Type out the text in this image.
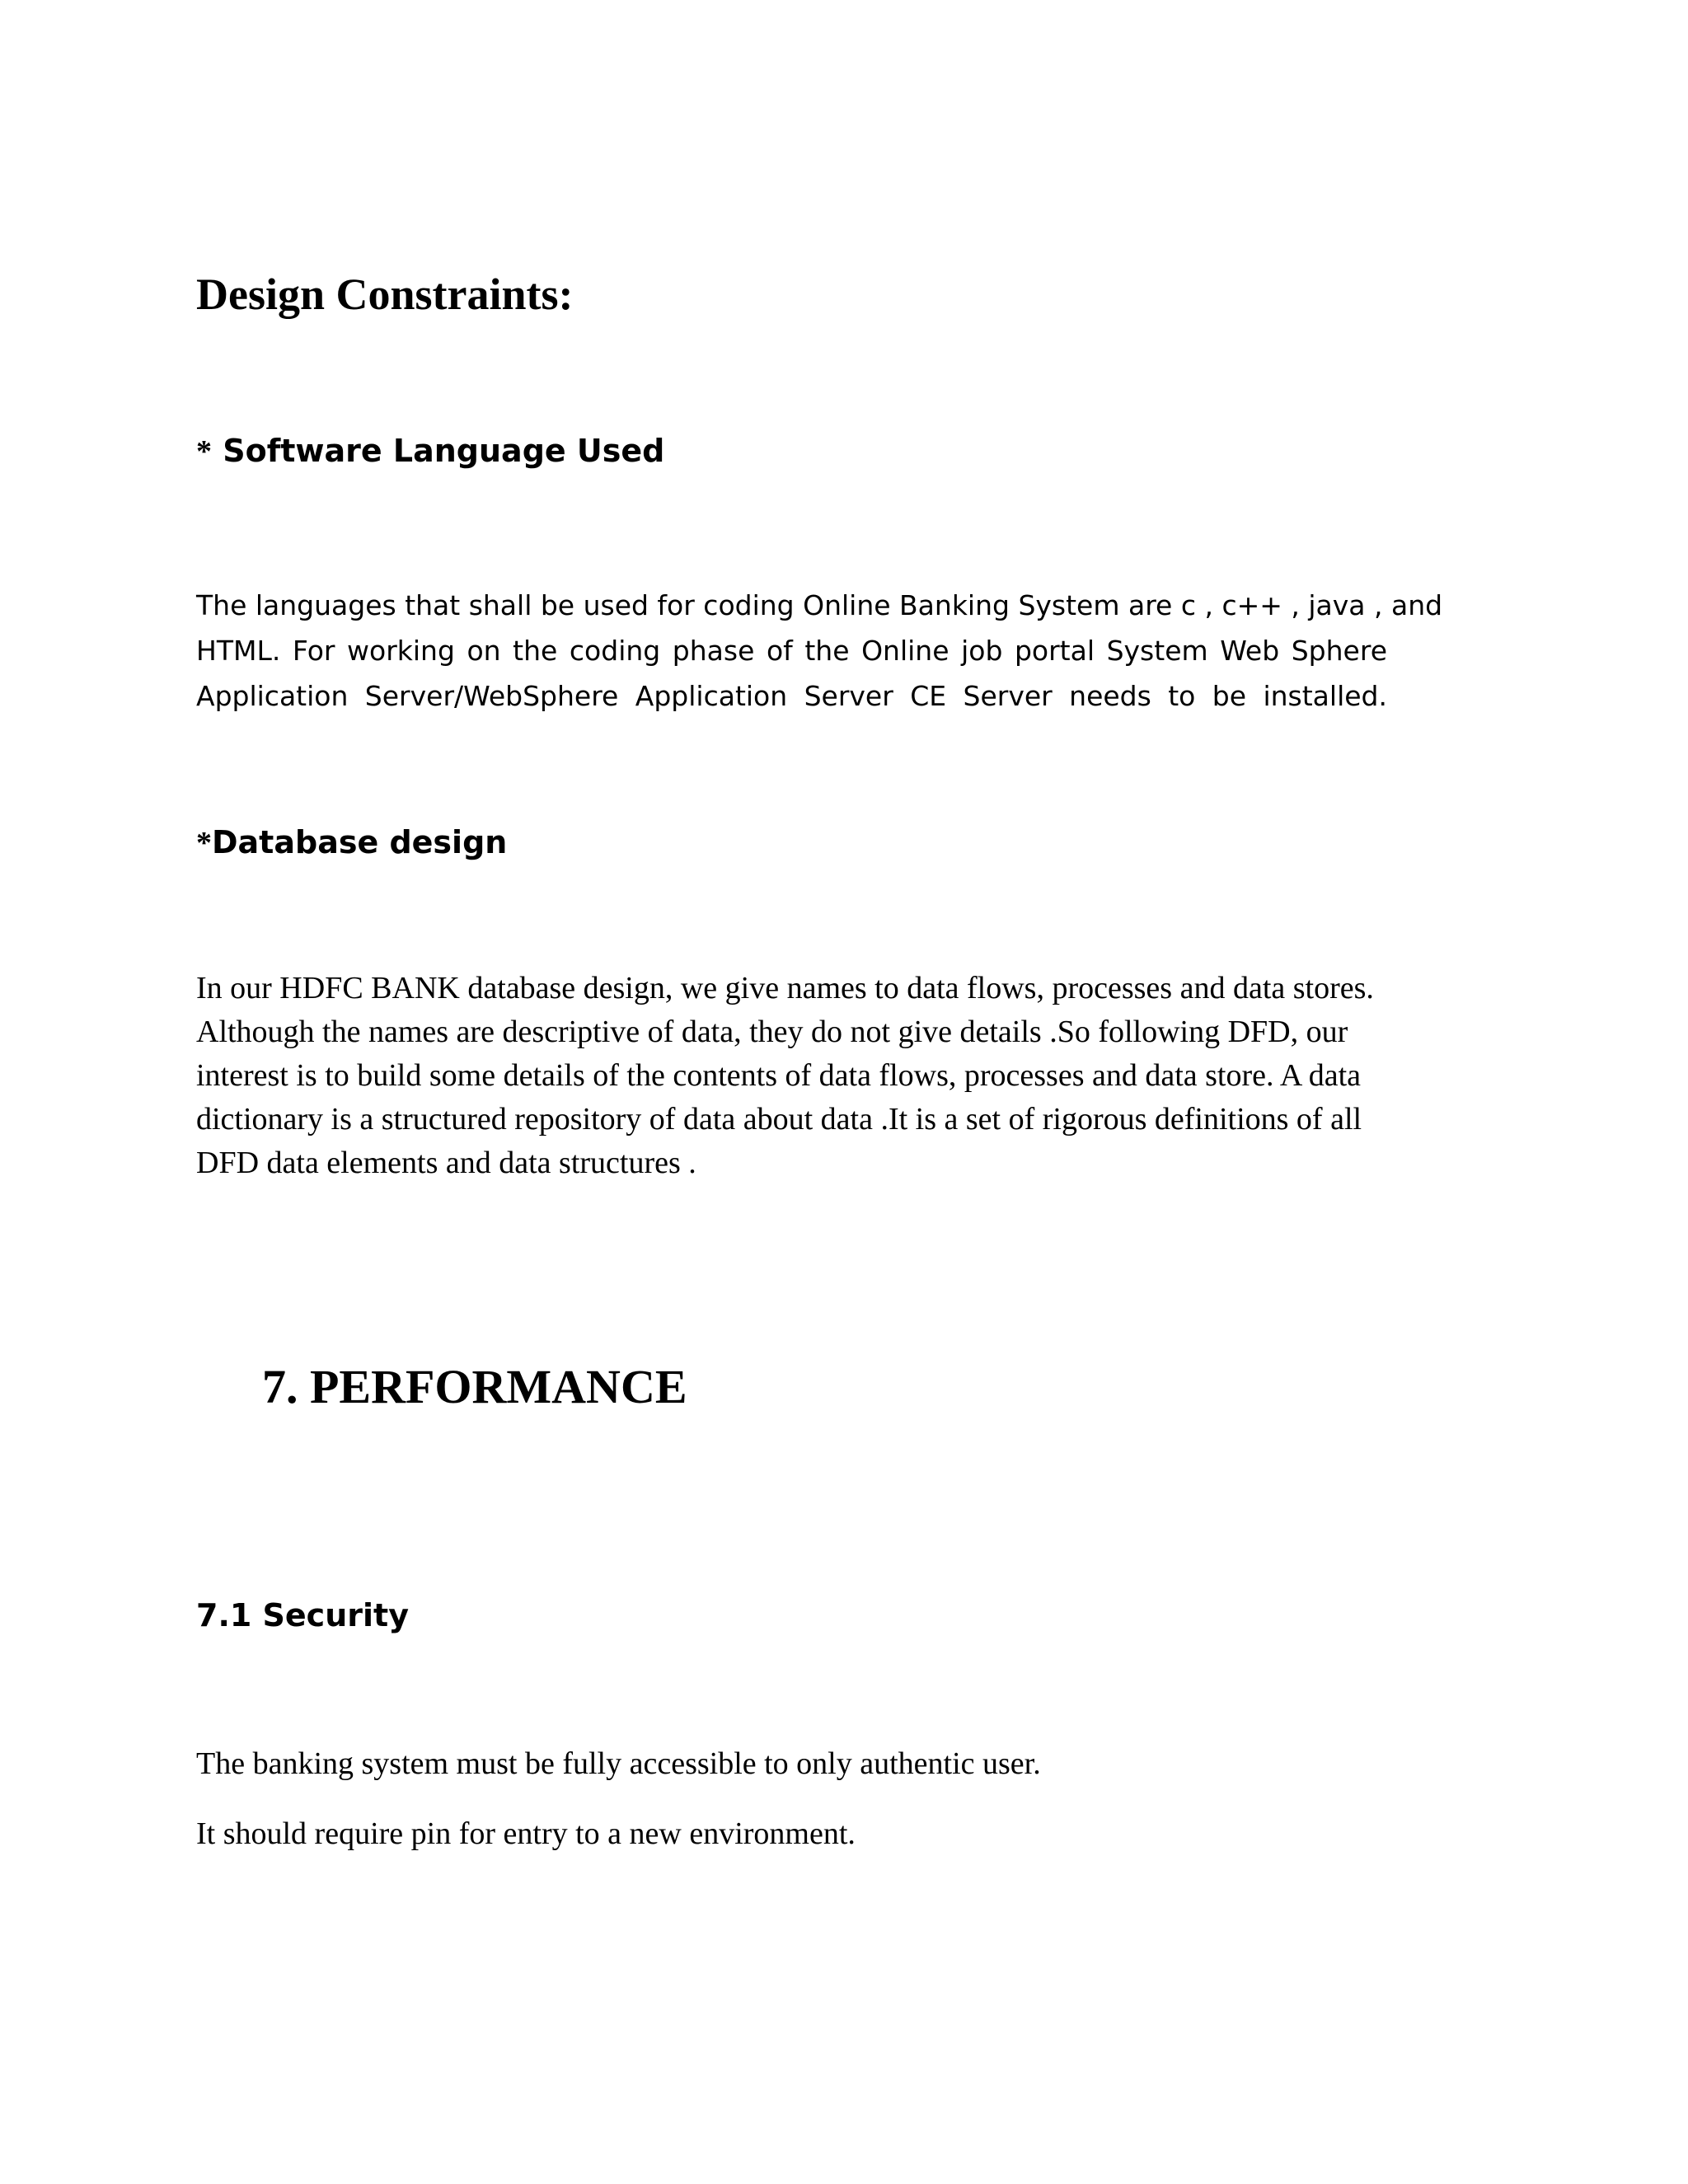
Design Constraints:
* Software Language Used
The languages that shall be used for coding Online Banking System are c , c++ , java , and
HTML. For working on the coding phase of the Online job portal System Web Sphere
Application Server/WebSphere Application Server CE Server needs to be installed.
*Database design
In our HDFC BANK database design, we give names to data flows, processes and data stores.
Although the names are descriptive of data, they do not give details .So following DFD, our
interest is to build some details of the contents of data flows, processes and data store. A data
dictionary is a structured repository of data about data .It is a set of rigorous definitions of all
DFD data elements and data structures .
7. PERFORMANCE
7.1 Security

The banking system must be fully accessible to only authentic user.

It should require pin for entry to a new environment.
